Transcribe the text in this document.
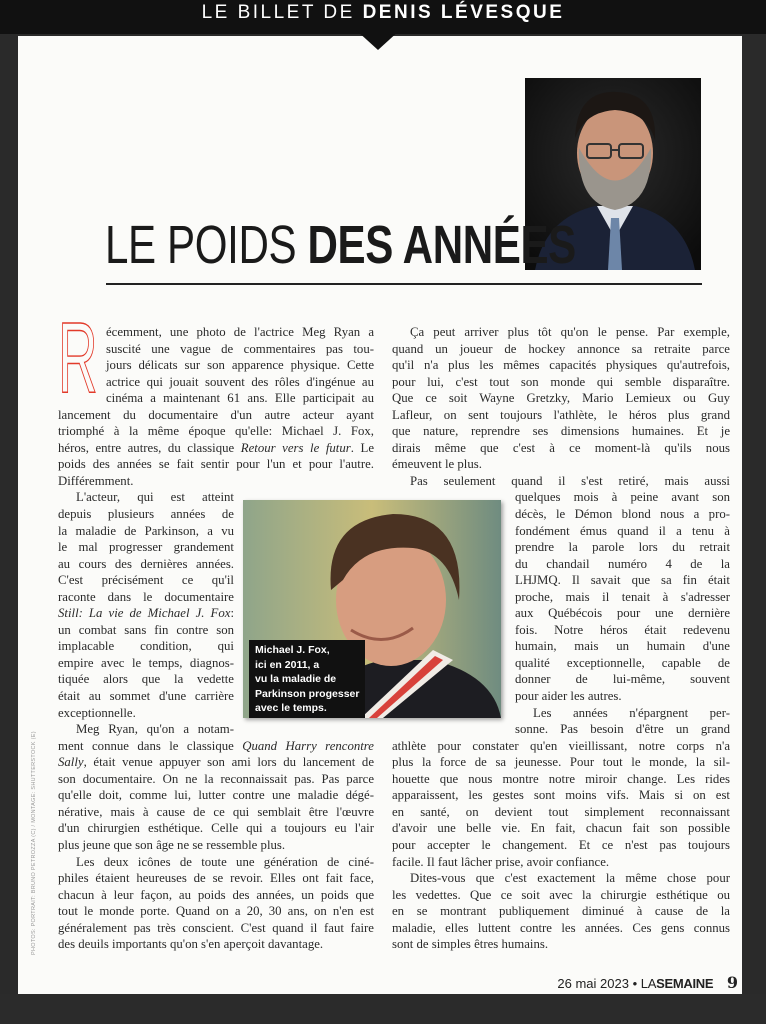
LE BILLET DE DENIS LÉVESQUE
LE POIDS DES ANNÉES
R écemment, une photo de l'actrice Meg Ryan a
suscité une vague de commentaires pas tou-
jours délicats sur son apparence physique. Cette
actrice qui jouait souvent des rôles d'ingénue au
cinéma a maintenant 61 ans. Elle participait au
lancement du documentaire d'un autre acteur ayant
triomphé à la même époque qu'elle: Michael J. Fox,
héros, entre autres, du classique Retour vers le futur. Le
poids des années se fait sentir pour l'un et pour l'autre.
Différemment.
L'acteur, qui est atteint
depuis plusieurs années de
la maladie de Parkinson, a vu
le mal progresser grandement
au cours des dernières années.
C'est précisément ce qu'il
raconte dans le documentaire
Still: La vie de Michael J. Fox:
un combat sans fin contre son
implacable condition, qui
empire avec le temps, diagnos-
tiquée alors que la vedette
était au sommet d'une carrière
exceptionnelle.
Meg Ryan, qu'on a notam-
ment connue dans le classique Quand Harry rencontre
Sally, était venue appuyer son ami lors du lancement de
son documentaire. On ne la reconnaissait pas. Pas parce
qu'elle doit, comme lui, lutter contre une maladie dégé-
nérative, mais à cause de ce qui semblait être l'œuvre
d'un chirurgien esthétique. Celle qui a toujours eu l'air
plus jeune que son âge ne se ressemble plus.
Les deux icônes de toute une génération de ciné-
philes étaient heureuses de se revoir. Elles ont fait face,
chacun à leur façon, au poids des années, un poids que
tout le monde porte. Quand on a 20, 30 ans, on n'en est
généralement pas très conscient. C'est quand il faut faire
des deuils importants qu'on s'en aperçoit davantage.
Ça peut arriver plus tôt qu'on le pense. Par exemple,
quand un joueur de hockey annonce sa retraite parce
qu'il n'a plus les mêmes capacités physiques qu'autrefois,
pour lui, c'est tout son monde qui semble disparaître.
Que ce soit Wayne Gretzky, Mario Lemieux ou Guy
Lafleur, on sent toujours l'athlète, le héros plus grand
que nature, reprendre ses dimensions humaines. Et je
dirais même que c'est à ce moment-là qu'ils nous
émeuvent le plus.
Pas seulement quand il s'est retiré, mais aussi
quelques mois à peine avant son
décès, le Démon blond nous a pro-
fondément émus quand il a tenu à
prendre la parole lors du retrait
du chandail numéro 4 de la
LHJMQ. Il savait que sa fin était
proche, mais il tenait à s'adresser
aux Québécois pour une dernière
fois. Notre héros était redevenu
humain, mais un humain d'une
qualité exceptionnelle, capable de
donner de lui-même, souvent
pour aider les autres.
Les années n'épargnent per-
sonne. Pas besoin d'être un grand
athlète pour constater qu'en vieillissant, notre corps n'a
plus la force de sa jeunesse. Pour tout le monde, la sil-
houette que nous montre notre miroir change. Les rides
apparaissent, les gestes sont moins vifs. Mais si on est
en santé, on devient tout simplement reconnaissant
d'avoir une belle vie. En fait, chacun fait son possible
pour accepter le changement. Et ce n'est pas toujours
facile. Il faut lâcher prise, avoir confiance.
Dites-vous que c'est exactement la même chose pour
les vedettes. Que ce soit avec la chirurgie esthétique ou
en se montrant publiquement diminué à cause de la
maladie, elles luttent contre les années. Ces gens connus
sont de simples êtres humains.
Michael J. Fox,
ici en 2011, a
vu la maladie de
Parkinson progesser
avec le temps.
PHOTOS: PORTRAIT: BRUNO PETROZZA (C) / MONTAGE: SHUTTERSTOCK (E)
26 mai 2023 • LASEMAINE 9
